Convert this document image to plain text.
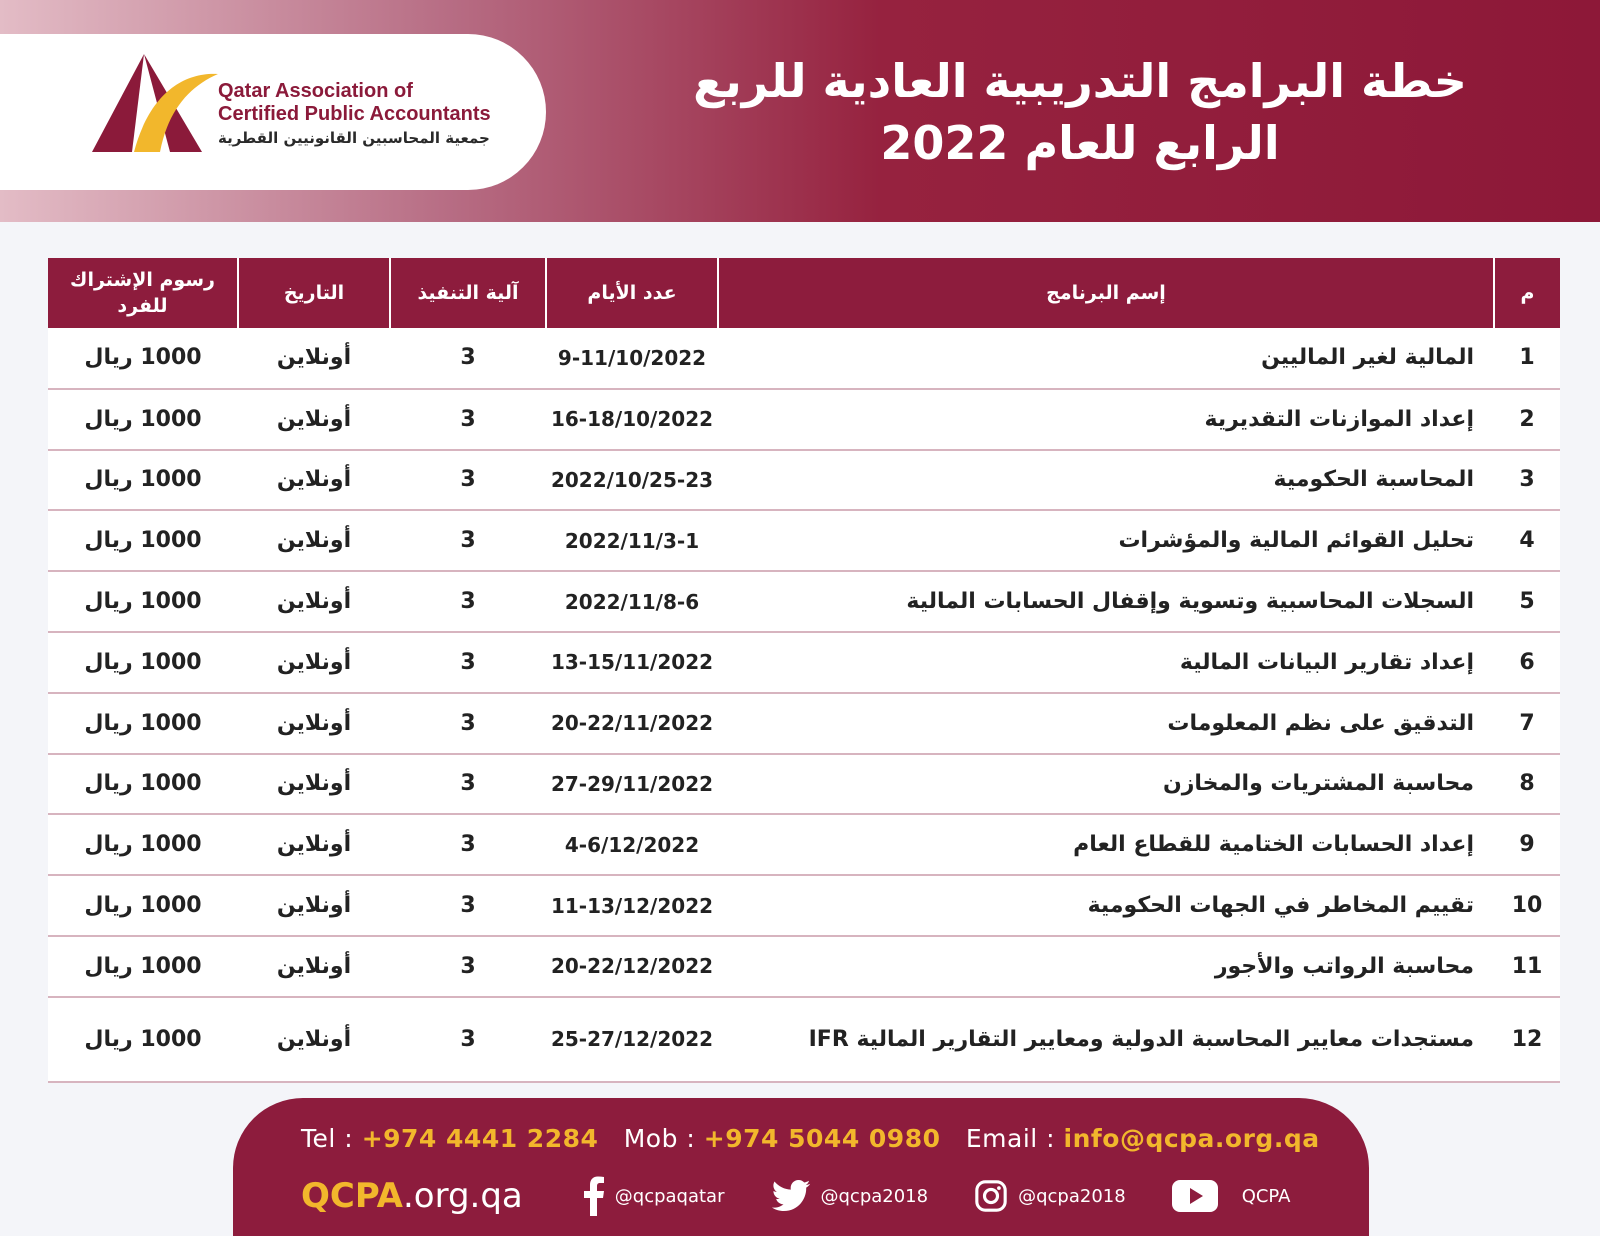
Qatar Association of
Certified Public Accountants
جمعية المحاسبين القانونيين القطرية
خطة البرامج التدريبية العادية للربع
الرابع للعام 2022
م	إسم البرنامج	عدد الأيام	آلية التنفيذ	التاريخ	رسوم الإشتراك للفرد
1	المالية لغير الماليين	9-11/10/2022	3	أونلاين	1000 ريال
2	إعداد الموازنات التقديرية	16-18/10/2022	3	أونلاين	1000 ريال
3	المحاسبة الحكومية	2022/10/25-23	3	أونلاين	1000 ريال
4	تحليل القوائم المالية والمؤشرات	2022/11/3-1	3	أونلاين	1000 ريال
5	السجلات المحاسبية وتسوية وإقفال الحسابات المالية	2022/11/8-6	3	أونلاين	1000 ريال
6	إعداد تقارير البيانات المالية	13-15/11/2022	3	أونلاين	1000 ريال
7	التدقيق على نظم المعلومات	20-22/11/2022	3	أونلاين	1000 ريال
8	محاسبة المشتريات والمخازن	27-29/11/2022	3	أونلاين	1000 ريال
9	إعداد الحسابات الختامية للقطاع العام	4-6/12/2022	3	أونلاين	1000 ريال
10	تقييم المخاطر في الجهات الحكومية	11-13/12/2022	3	أونلاين	1000 ريال
11	محاسبة الرواتب والأجور	20-22/12/2022	3	أونلاين	1000 ريال
12	مستجدات معايير المحاسبة الدولية ومعايير التقارير المالية IFR	25-27/12/2022	3	أونلاين	1000 ريال
Tel : +974 4441 2284 Mob : +974 5044 0980 Email : info@qcpa.org.qa
QCPA.org.qa	@qcpaqatar	@qcpa2018	@qcpa2018	QCPA
